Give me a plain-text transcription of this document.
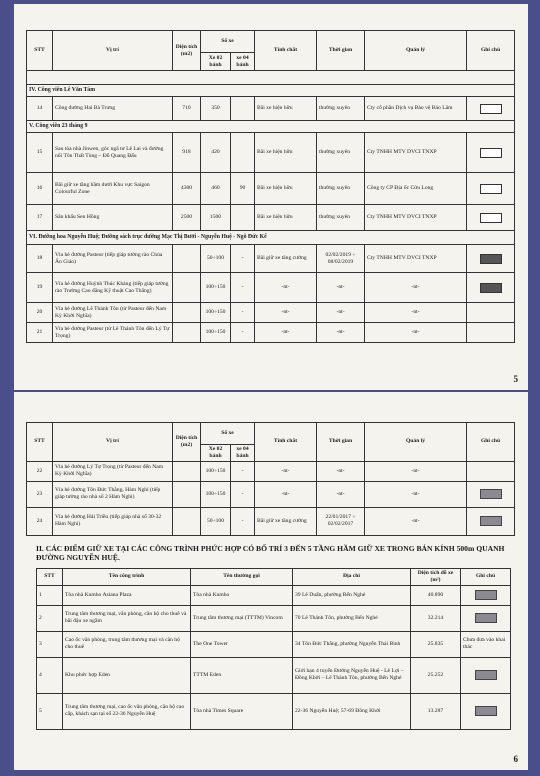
STT	Vị trí	Diện tích (m2)	Số xe		Tính chất	Thời gian	Quản lý	Ghi chú
			Xe 02 bánh	xe 04 bánh				

IV. Công viên Lê Văn Tám								
14	Công đường Hai Bà Trưng	710	350		Bãi xe hiện hữu	thường xuyên	Cty cổ phần Dịch vụ Bảo vệ Bảo Lâm	
V. Công viên 23 tháng 9								
15	Sau tòa nhà Jinwen, góc ngã tư Lê Lai và đường nối Tôn Thất Tùng – Đỗ Quang Đẩu	918	420		Bãi xe hiện hữu	thường xuyên	Cty TNHH MTV DVCI TNXP	
16	Bãi giữ xe tầng hầm dưới Khu vực Saigon Colourful Zone	4300	460	90	Bãi xe hiện hữu	thường xuyên	Công ty CP Địa ốc Cửu Long	
17	Sân khấu Sen Hồng	2500	1500		Bãi xe hiện hữu	thường xuyên	Cty TNHH MTV DVCI TNXP	
VI. Đường hoa Nguyễn Huệ; Đường sách trục đường Mạc Thị Bưởi - Nguyễn Huệ - Ngô Đức Kế								
18	Vỉa hè đường Pasteur (tiếp giáp tường rào Chùa Ấn Giáo)		50÷100	-	Bãi giữ xe tăng cường	02/02/2019 ÷ 08/02/2019	Cty TNHH MTV DVCI TNXP	
19	Vỉa hè đường Huỳnh Thúc Kháng (tiếp giáp tường rào Trường Cao đẳng Kỹ thuật Cao Thắng)		100÷150	-	-nt-	-nt-	-nt-	
20	Vỉa hè đường Lê Thánh Tôn (từ Pasteur đến Nam Kỳ Khởi Nghĩa)		100÷150	-	-nt-	-nt-	-nt-	
21	Vỉa hè đường Pasteur (từ Lê Thánh Tôn đến Lý Tự Trọng)		100÷150	-	-nt-	-nt-	-nt-	
5
STT	Vị trí	Diện tích (m2)	Số xe		Tính chất	Thời gian	Quản lý	Ghi chú
			Xe 02 bánh	xe 04 bánh				
22	Vỉa hè đường Lý Tự Trọng (từ Pasteur đến Nam Kỳ Khởi Nghĩa)		100÷150	-	-nt-	-nt-	-nt-	
23	Vỉa hè đường Tôn Đức Thắng, Hàm Nghi (tiếp giáp tường rào nhà số 2 Hàm Nghi)		100÷150	-	-nt-	-nt-	-nt-	
24	Vỉa hè đường Hải Triều (tiếp giáp nhà số 30-32 Hàm Nghi)		50÷100	-	Bãi giữ xe tăng cường	22/01/2017 ÷ 02/02/2017	-nt-	
II. CÁC ĐIỂM GIỮ XE TẠI CÁC CÔNG TRÌNH PHỨC HỢP CÓ BỐ TRÍ 3 ĐẾN 5 TẦNG HẦM GIỮ XE TRONG BÁN KÍNH 500m QUANH ĐƯỜNG NGUYỄN HUỆ.
STT	Tên công trình	Tên thường gọi	Địa chỉ	Diện tích đỗ xe (m²)	Ghi chú
1	Tòa nhà Kumho Asiana Plaza	Tòa nhà Kumho	39 Lê Duẩn, phường Bến Nghé	40.890	
2	Trung tâm thương mại, văn phòng, căn hộ cho thuê và bãi đậu xe ngầm	Trung tâm thương mại (TTTM) Vincom	70 Lê Thánh Tôn, phường Bến Nghé	32.214	
3	Cao ốc văn phòng, trung tâm thương mại và căn hộ cho thuê	The One Tower	34 Tôn Đức Thắng, phường Nguyễn Thái Bình	25.835	Chưa đưa vào khai thác
4	Khu phức hợp Eden	TTTM Eden	Giới hạn 4 tuyến Đường Nguyễn Huệ - Lê Lợi – Đồng Khởi – Lê Thánh Tôn, phường Bến Nghé	25.252	
5	Trung tâm thương mại, cao ốc văn phòng, căn hộ cao cấp, khách sạn tại số 22-36 Nguyễn Huệ	Tòa nhà Times Square	22-36 Nguyễn Huệ; 57-69 Đồng Khởi	13.287	
6
